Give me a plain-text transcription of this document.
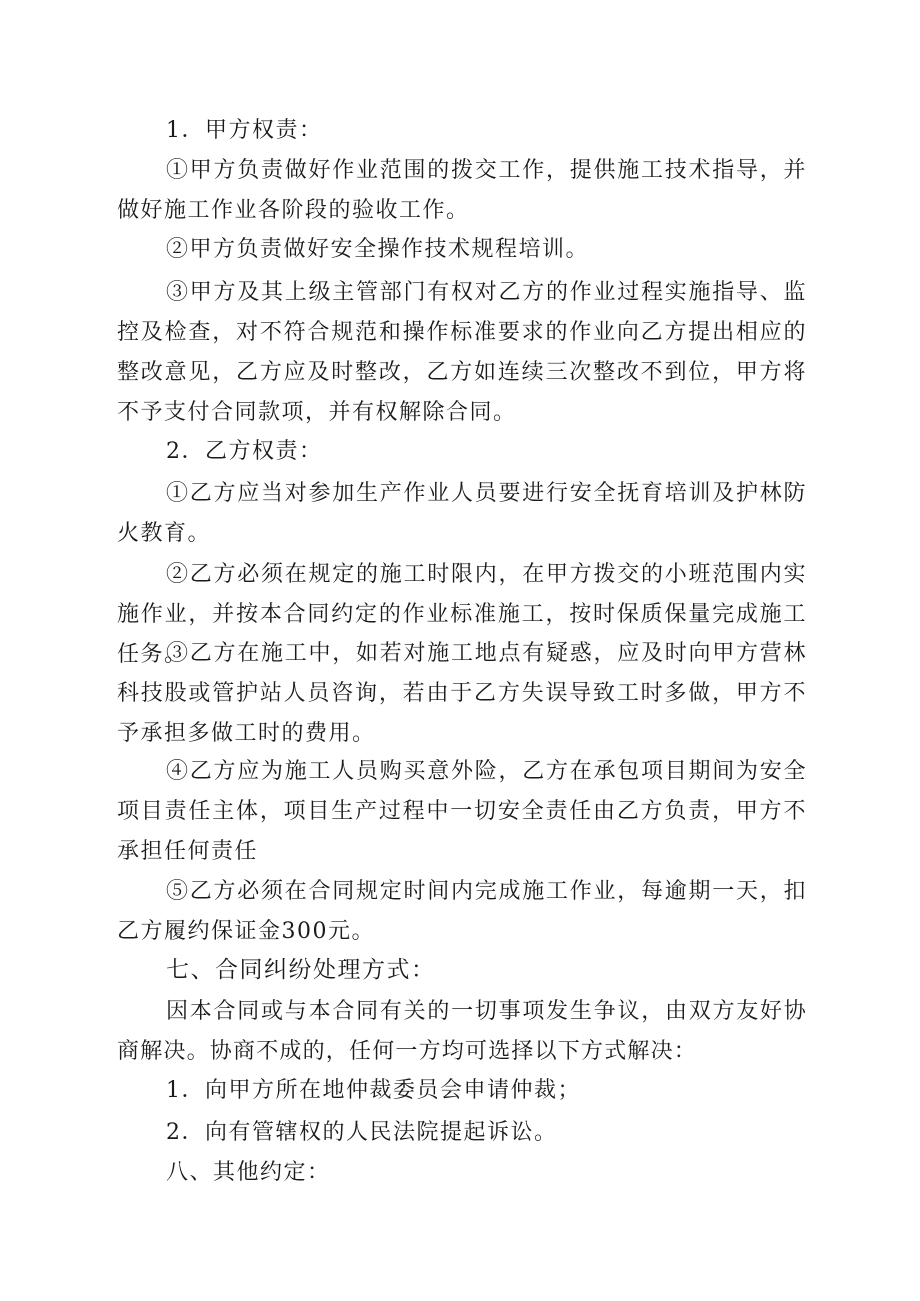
1．甲方权责：

①甲方负责做好作业范围的拨交工作，提供施工技术指导，并做好施工作业各阶段的验收工作。

②甲方负责做好安全操作技术规程培训。

③甲方及其上级主管部门有权对乙方的作业过程实施指导、监控及检查，对不符合规范和操作标准要求的作业向乙方提出相应的整改意见，乙方应及时整改，乙方如连续三次整改不到位，甲方将不予支付合同款项，并有权解除合同。

2．乙方权责：

①乙方应当对参加生产作业人员要进行安全抚育培训及护林防火教育。

②乙方必须在规定的施工时限内，在甲方拨交的小班范围内实施作业，并按本合同约定的作业标准施工，按时保质保量完成施工任务。

③乙方在施工中，如若对施工地点有疑惑，应及时向甲方营林科技股或管护站人员咨询，若由于乙方失误导致工时多做，甲方不予承担多做工时的费用。

④乙方应为施工人员购买意外险，乙方在承包项目期间为安全项目责任主体，项目生产过程中一切安全责任由乙方负责，甲方不承担任何责任

⑤乙方必须在合同规定时间内完成施工作业，每逾期一天，扣乙方履约保证金300元。

七、合同纠纷处理方式：

因本合同或与本合同有关的一切事项发生争议，由双方友好协商解决。协商不成的，任何一方均可选择以下方式解决：

1．向甲方所在地仲裁委员会申请仲裁；

2．向有管辖权的人民法院提起诉讼。

八、其他约定：
